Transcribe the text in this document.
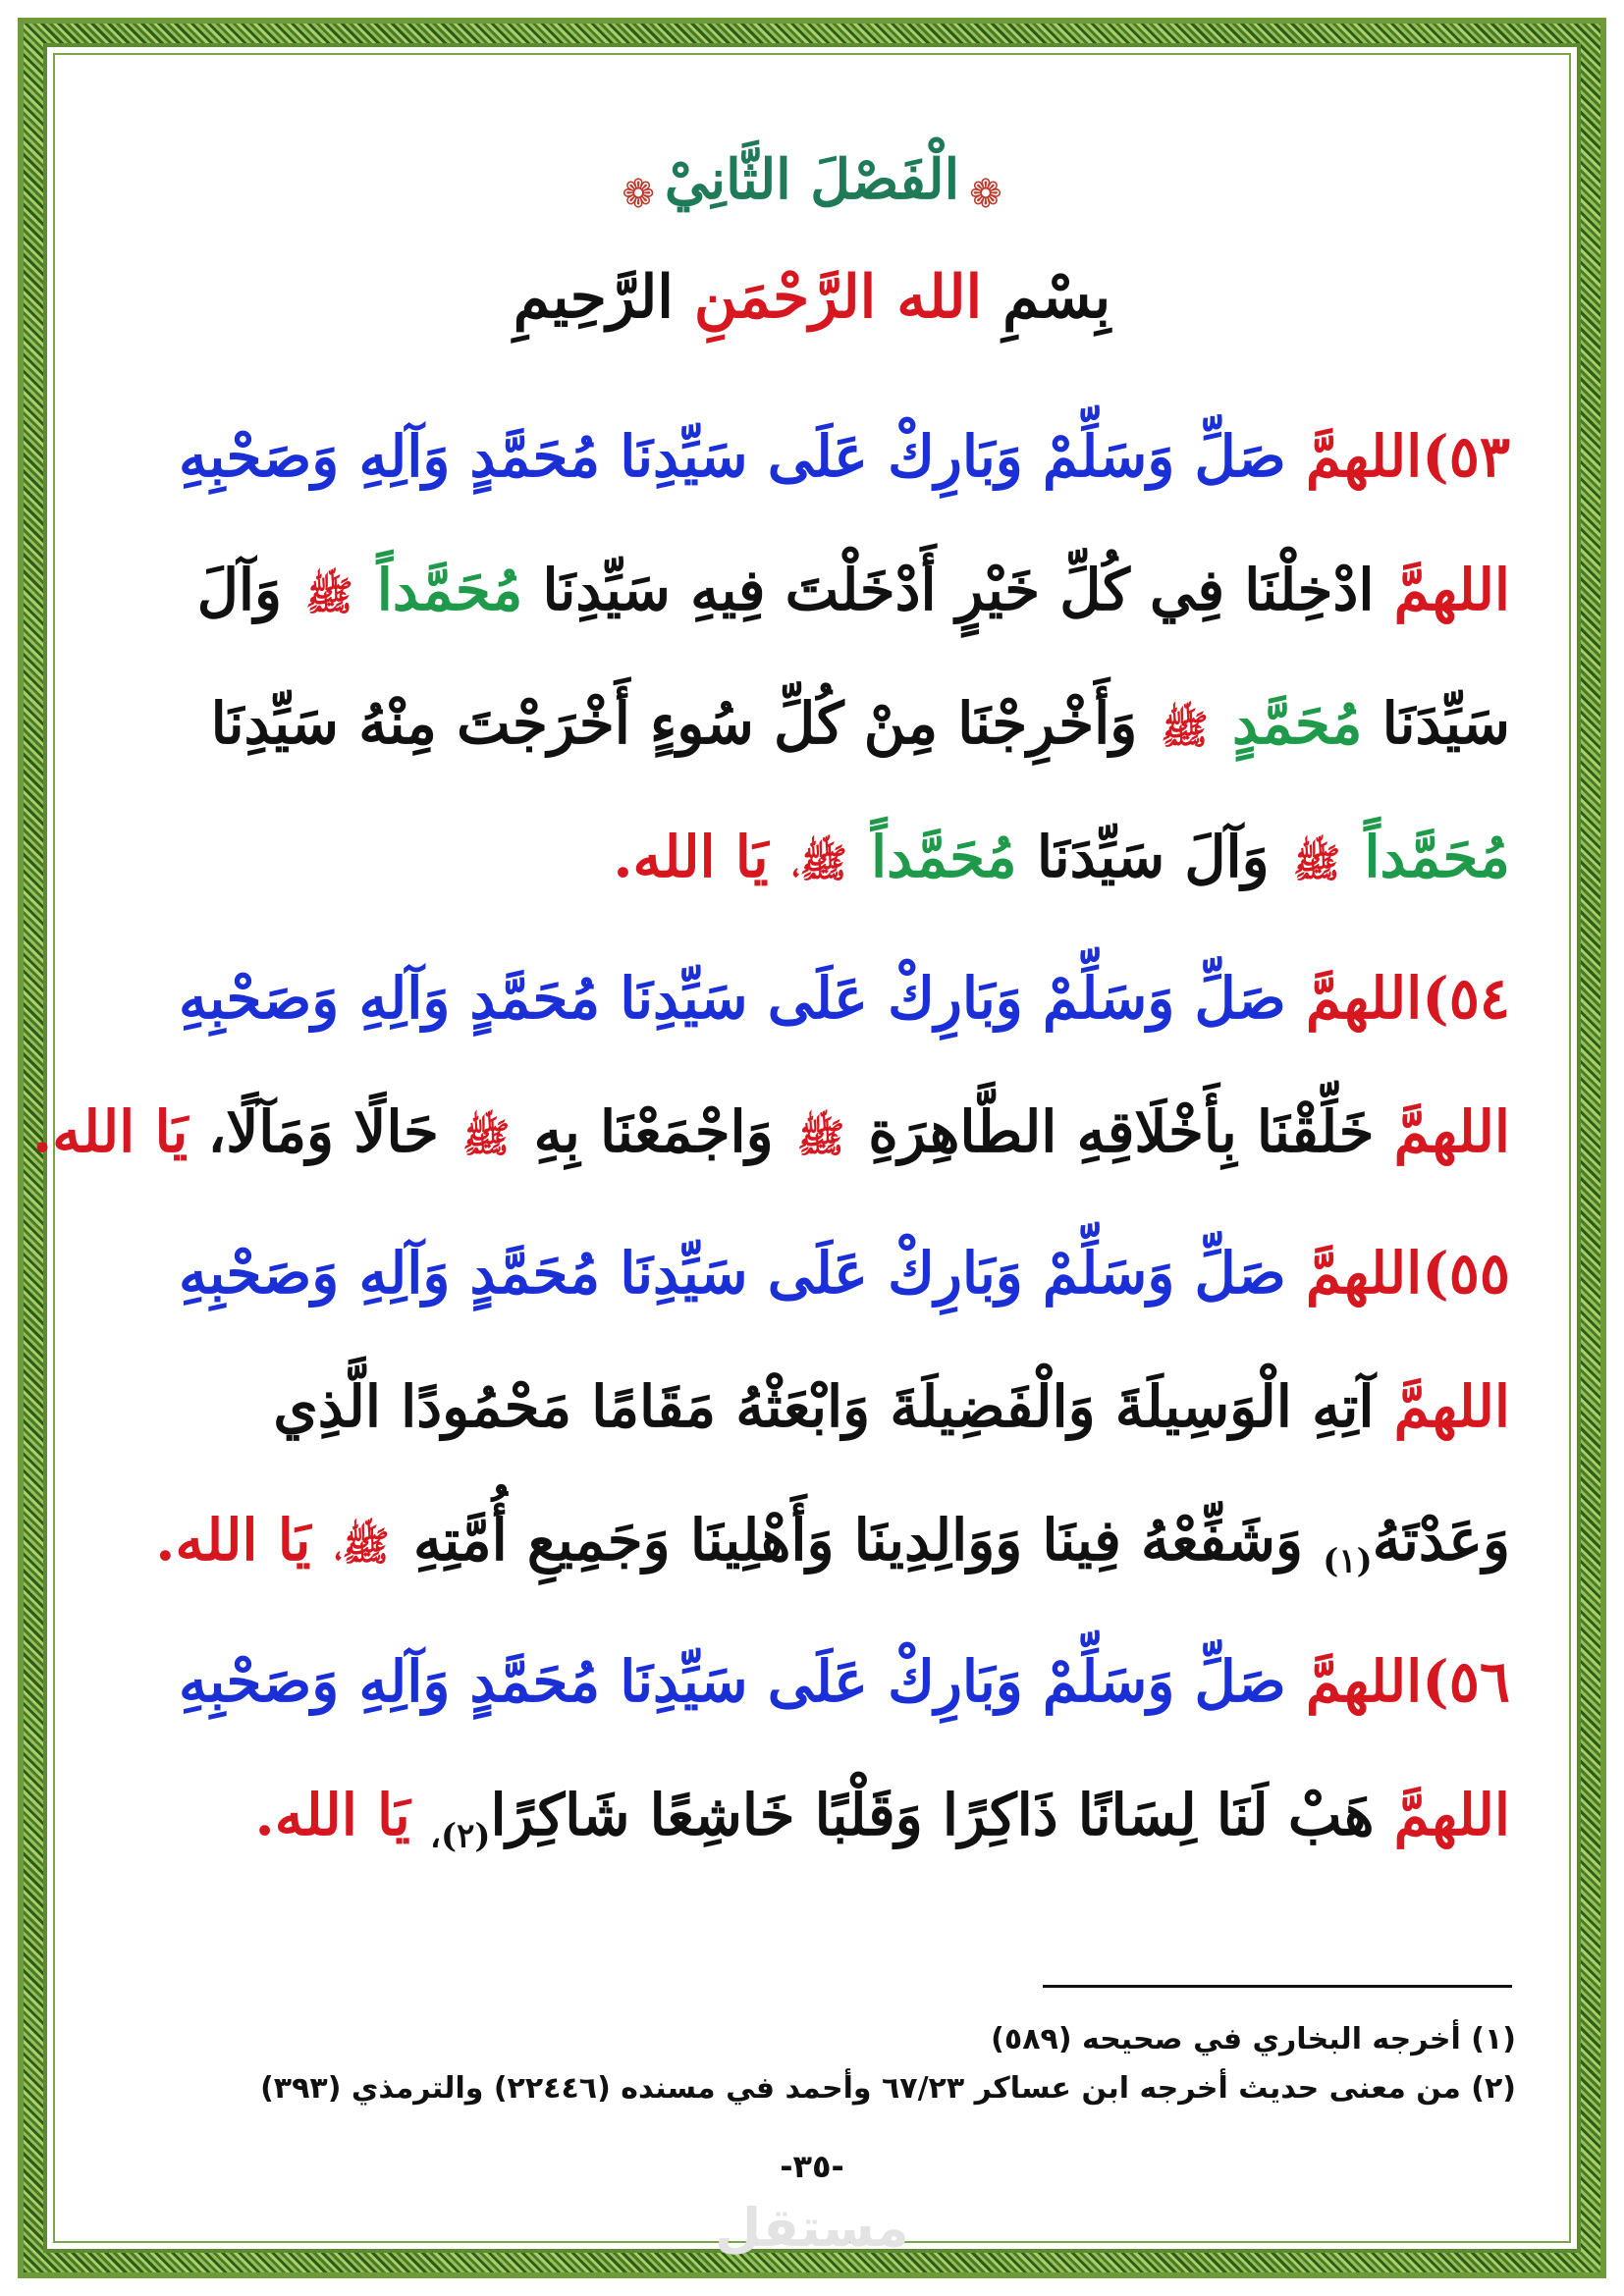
❁الْفَصْلَ الثَّانِيْ❁
بِسْمِ الله الرَّحْمَنِ الرَّحِيمِ
٥٣)اللهمَّ صَلِّ وَسَلِّمْ وَبَارِكْ عَلَى سَيِّدِنَا مُحَمَّدٍ وَآلِهِ وَصَحْبِهِ
اللهمَّ ادْخِلْنَا فِي كُلِّ خَيْرٍ أَدْخَلْتَ فِيهِ سَيِّدِنَا مُحَمَّداً ﷺ وَآلَ
سَيِّدَنَا مُحَمَّدٍ ﷺ وَأَخْرِجْنَا مِنْ كُلِّ سُوءٍ أَخْرَجْتَ مِنْهُ سَيِّدِنَا
مُحَمَّداً ﷺ وَآلَ سَيِّدَنَا مُحَمَّداً ﷺ، يَا الله.
٥٤)اللهمَّ صَلِّ وَسَلِّمْ وَبَارِكْ عَلَى سَيِّدِنَا مُحَمَّدٍ وَآلِهِ وَصَحْبِهِ
اللهمَّ خَلِّقْنَا بِأَخْلَاقِهِ الطَّاهِرَةِ ﷺ وَاجْمَعْنَا بِهِ ﷺ حَالًا وَمَآلًا، يَا الله.
٥٥)اللهمَّ صَلِّ وَسَلِّمْ وَبَارِكْ عَلَى سَيِّدِنَا مُحَمَّدٍ وَآلِهِ وَصَحْبِهِ
اللهمَّ آتِهِ الْوَسِيلَةَ وَالْفَضِيلَةَ وَابْعَثْهُ مَقَامًا مَحْمُودًا الَّذِي
$وَعَدْتَهُ_{(١)}$ وَشَفِّعْهُ فِينَا وَوَالِدِينَا وَأَهْلِينَا وَجَمِيعِ أُمَّتِهِ ﷺ، يَا الله.
٥٦)اللهمَّ صَلِّ وَسَلِّمْ وَبَارِكْ عَلَى سَيِّدِنَا مُحَمَّدٍ وَآلِهِ وَصَحْبِهِ
اللهمَّ هَبْ لَنَا لِسَانًا ذَاكِرًا وَقَلْبًا خَاشِعًا شَاكِرًا$_{(٢)،}$ يَا الله.
(١) أخرجه البخاري في صحيحه (٥٨٩)
(٢) من معنى حديث أخرجه ابن عساكر ٦٧/٢٣ وأحمد في مسنده (٢٢٤٤٦) والترمذي (٣٩٣)
-٣٥-
مستقل
